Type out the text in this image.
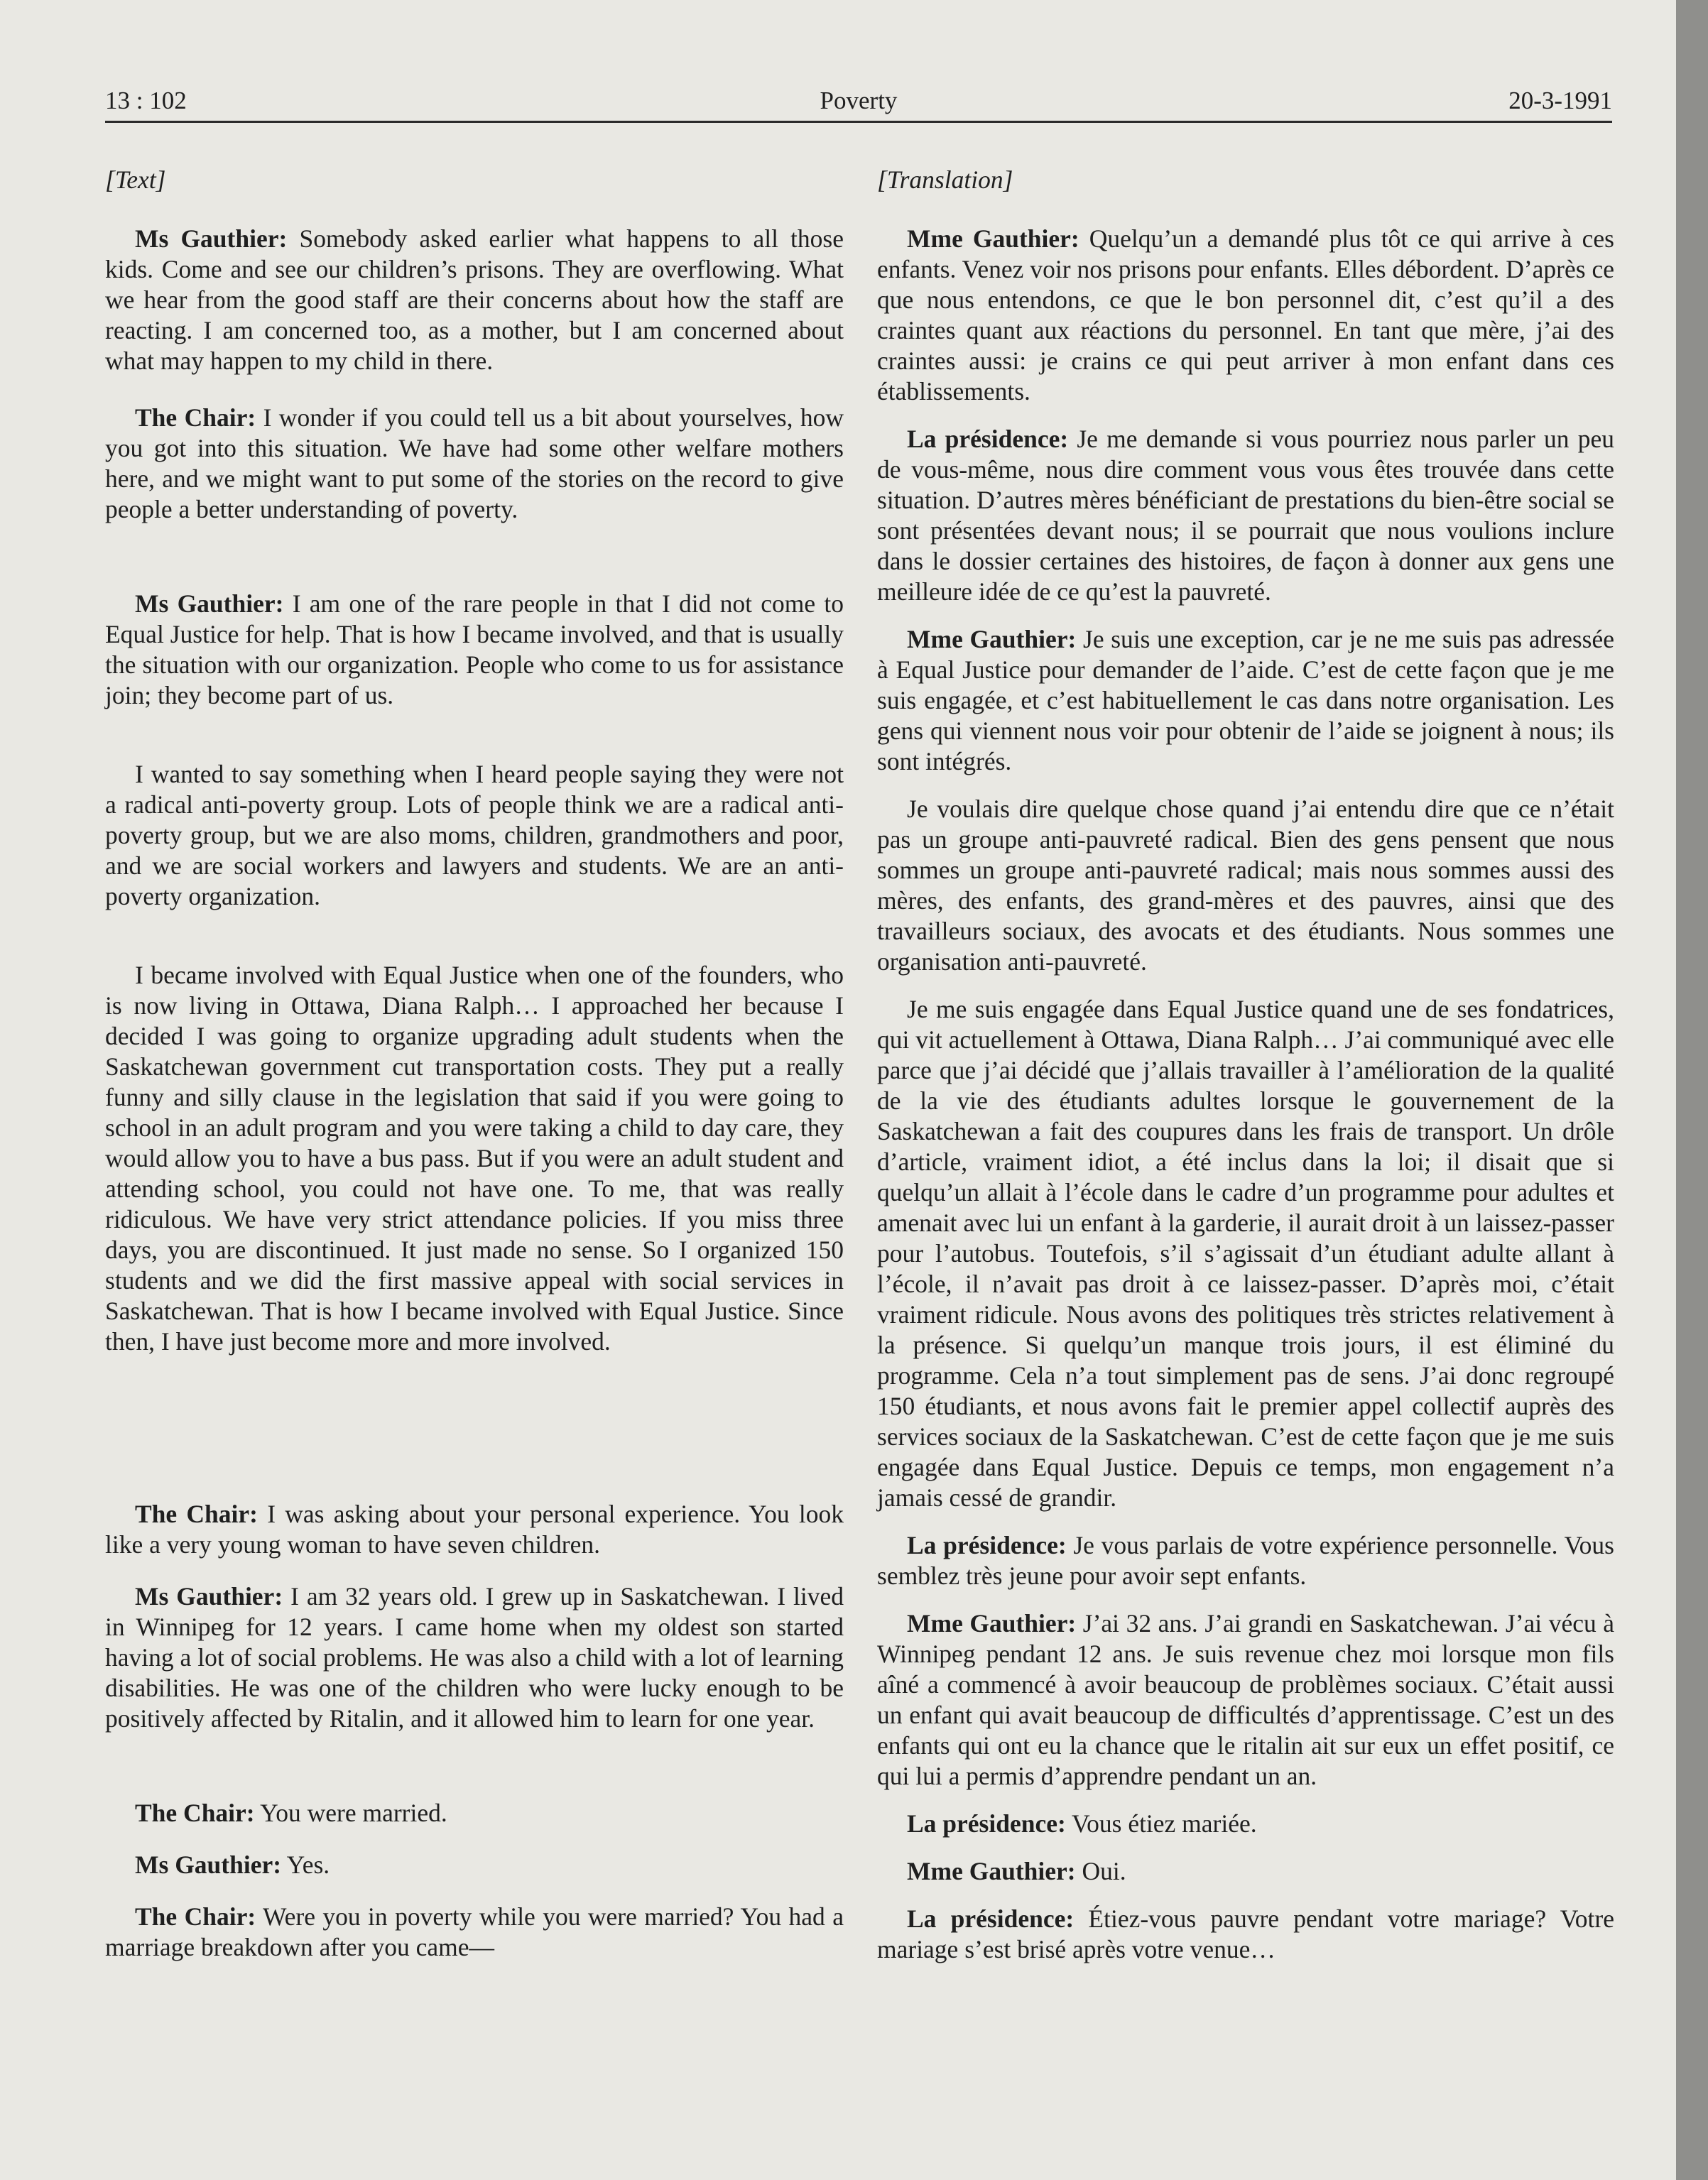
13 : 102	Poverty	20-3-1991
[Text]

Ms Gauthier: Somebody asked earlier what happens to all those kids. Come and see our children’s prisons. They are overflowing. What we hear from the good staff are their concerns about how the staff are reacting. I am concerned too, as a mother, but I am concerned about what may happen to my child in there.

The Chair: I wonder if you could tell us a bit about yourselves, how you got into this situation. We have had some other welfare mothers here, and we might want to put some of the stories on the record to give people a better understanding of poverty.

Ms Gauthier: I am one of the rare people in that I did not come to Equal Justice for help. That is how I became involved, and that is usually the situation with our organization. People who come to us for assistance join; they become part of us.

I wanted to say something when I heard people saying they were not a radical anti-poverty group. Lots of people think we are a radical anti-poverty group, but we are also moms, children, grandmothers and poor, and we are social workers and lawyers and students. We are an anti-poverty organization.

I became involved with Equal Justice when one of the founders, who is now living in Ottawa, Diana Ralph… I approached her because I decided I was going to organize upgrading adult students when the Saskatchewan government cut transportation costs. They put a really funny and silly clause in the legislation that said if you were going to school in an adult program and you were taking a child to day care, they would allow you to have a bus pass. But if you were an adult student and attending school, you could not have one. To me, that was really ridiculous. We have very strict attendance policies. If you miss three days, you are discontinued. It just made no sense. So I organized 150 students and we did the first massive appeal with social services in Saskatchewan. That is how I became involved with Equal Justice. Since then, I have just become more and more involved.

The Chair: I was asking about your personal experience. You look like a very young woman to have seven children.

Ms Gauthier: I am 32 years old. I grew up in Saskatchewan. I lived in Winnipeg for 12 years. I came home when my oldest son started having a lot of social problems. He was also a child with a lot of learning disabilities. He was one of the children who were lucky enough to be positively affected by Ritalin, and it allowed him to learn for one year.

The Chair: You were married.

Ms Gauthier: Yes.

The Chair: Were you in poverty while you were married? You had a marriage breakdown after you came—

[Translation]

Mme Gauthier: Quelqu’un a demandé plus tôt ce qui arrive à ces enfants. Venez voir nos prisons pour enfants. Elles débordent. D’après ce que nous entendons, ce que le bon personnel dit, c’est qu’il a des craintes quant aux réactions du personnel. En tant que mère, j’ai des craintes aussi: je crains ce qui peut arriver à mon enfant dans ces établissements.

La présidence: Je me demande si vous pourriez nous parler un peu de vous-même, nous dire comment vous vous êtes trouvée dans cette situation. D’autres mères bénéficiant de prestations du bien-être social se sont présentées devant nous; il se pourrait que nous voulions inclure dans le dossier certaines des histoires, de façon à donner aux gens une meilleure idée de ce qu’est la pauvreté.

Mme Gauthier: Je suis une exception, car je ne me suis pas adressée à Equal Justice pour demander de l’aide. C’est de cette façon que je me suis engagée, et c’est habituellement le cas dans notre organisation. Les gens qui viennent nous voir pour obtenir de l’aide se joignent à nous; ils sont intégrés.

Je voulais dire quelque chose quand j’ai entendu dire que ce n’était pas un groupe anti-pauvreté radical. Bien des gens pensent que nous sommes un groupe anti-pauvreté radical; mais nous sommes aussi des mères, des enfants, des grand-mères et des pauvres, ainsi que des travailleurs sociaux, des avocats et des étudiants. Nous sommes une organisation anti-pauvreté.

Je me suis engagée dans Equal Justice quand une de ses fondatrices, qui vit actuellement à Ottawa, Diana Ralph… J’ai communiqué avec elle parce que j’ai décidé que j’allais travailler à l’amélioration de la qualité de la vie des étudiants adultes lorsque le gouvernement de la Saskatchewan a fait des coupures dans les frais de transport. Un drôle d’article, vraiment idiot, a été inclus dans la loi; il disait que si quelqu’un allait à l’école dans le cadre d’un programme pour adultes et amenait avec lui un enfant à la garderie, il aurait droit à un laissez-passer pour l’autobus. Toutefois, s’il s’agissait d’un étudiant adulte allant à l’école, il n’avait pas droit à ce laissez-passer. D’après moi, c’était vraiment ridicule. Nous avons des politiques très strictes relativement à la présence. Si quelqu’un manque trois jours, il est éliminé du programme. Cela n’a tout simplement pas de sens. J’ai donc regroupé 150 étudiants, et nous avons fait le premier appel collectif auprès des services sociaux de la Saskatchewan. C’est de cette façon que je me suis engagée dans Equal Justice. Depuis ce temps, mon engagement n’a jamais cessé de grandir.

La présidence: Je vous parlais de votre expérience personnelle. Vous semblez très jeune pour avoir sept enfants.

Mme Gauthier: J’ai 32 ans. J’ai grandi en Saskatchewan. J’ai vécu à Winnipeg pendant 12 ans. Je suis revenue chez moi lorsque mon fils aîné a commencé à avoir beaucoup de problèmes sociaux. C’était aussi un enfant qui avait beaucoup de difficultés d’apprentissage. C’est un des enfants qui ont eu la chance que le ritalin ait sur eux un effet positif, ce qui lui a permis d’apprendre pendant un an.

La présidence: Vous étiez mariée.

Mme Gauthier: Oui.

La présidence: Étiez-vous pauvre pendant votre mariage? Votre mariage s’est brisé après votre venue…
